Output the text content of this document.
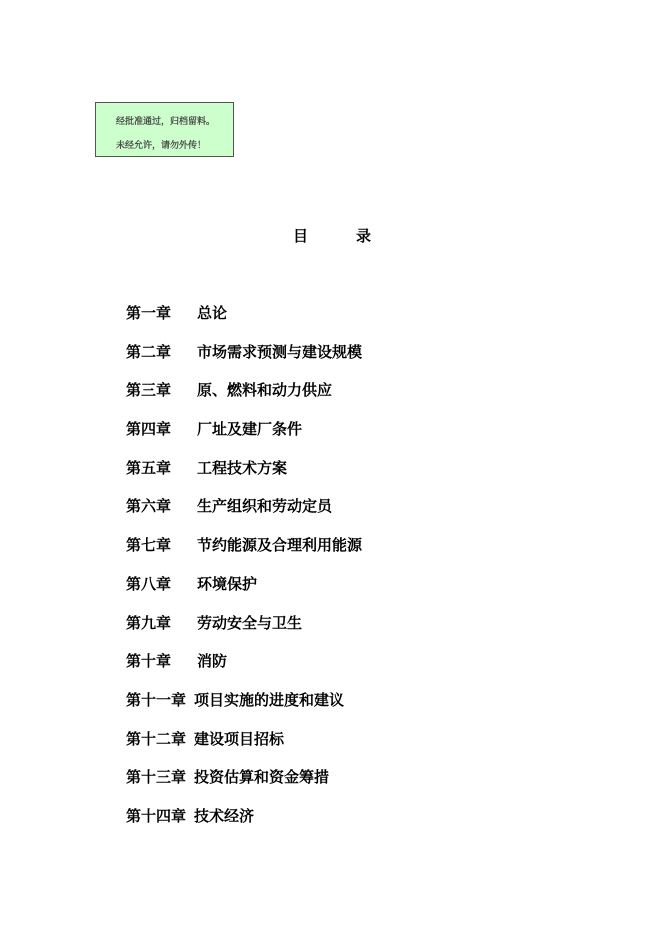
经批准通过，归档留料。
未经允许，请勿外传！
目	录
第一章 总论
第二章 市场需求预测与建设规模
第三章 原、燃料和动力供应
第四章 厂址及建厂条件
第五章 工程技术方案
第六章 生产组织和劳动定员
第七章 节约能源及合理利用能源
第八章 环境保护
第九章 劳动安全与卫生
第十章 消防
第十一章 项目实施的进度和建议
第十二章 建设项目招标
第十三章 投资估算和资金筹措
第十四章 技术经济
